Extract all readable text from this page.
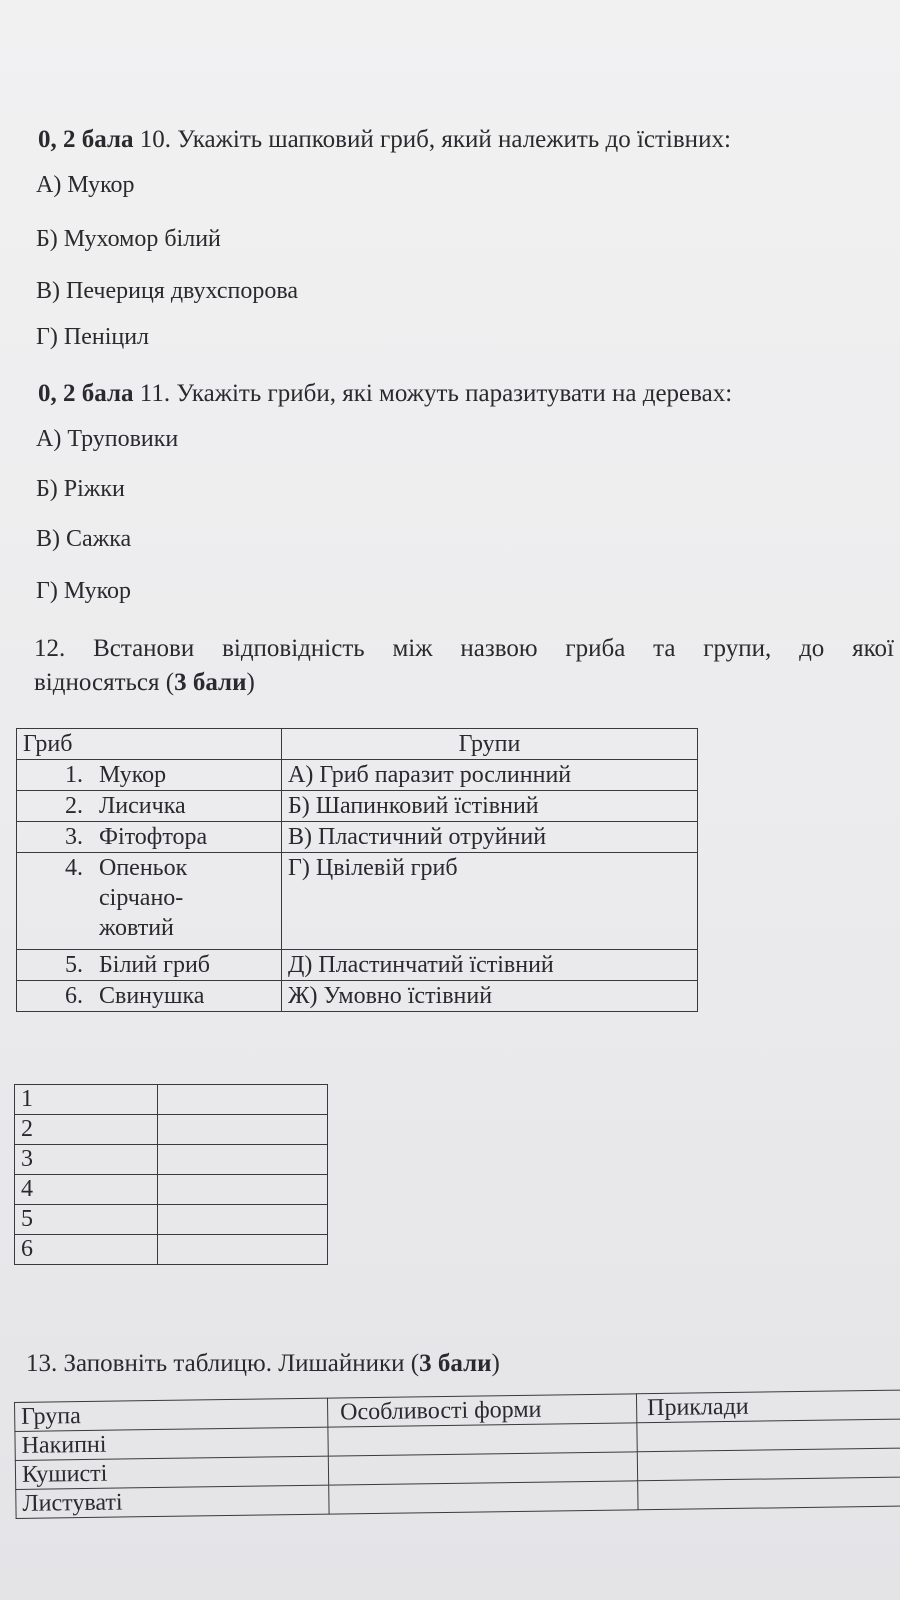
0, 2 бала 10. Укажіть шапковий гриб, який належить до їстівних:
А) Мукор
Б) Мухомор білий
В) Печериця двухспорова
Г) Пеніцил
0, 2 бала 11. Укажіть гриби, які можуть паразитувати на деревах:
А) Труповики
Б) Ріжки
В) Сажка
Г) Мукор
12. Встанови відповідність між назвою гриба та групи, до якої
відносяться (3 бали)
Гриб	Групи
1. Мукор	А) Гриб паразит рослинний
2. Лисичка	Б) Шапинковий їстівний
3. Фітофтора	В) Пластичний отруйний

4. Опеньок сірчано-жовтий	Г) Цвілевій гриб
5. Білий гриб	Д) Пластинчатий їстівний
6. Свинушка	Ж) Умовно їстівний
1	
2	
3	
4	
5	
6	
13. Заповніть таблицю. Лишайники (3 бали)
Група	Особливості форми	Приклади
Накипні		
Кушисті		
Листуваті		
